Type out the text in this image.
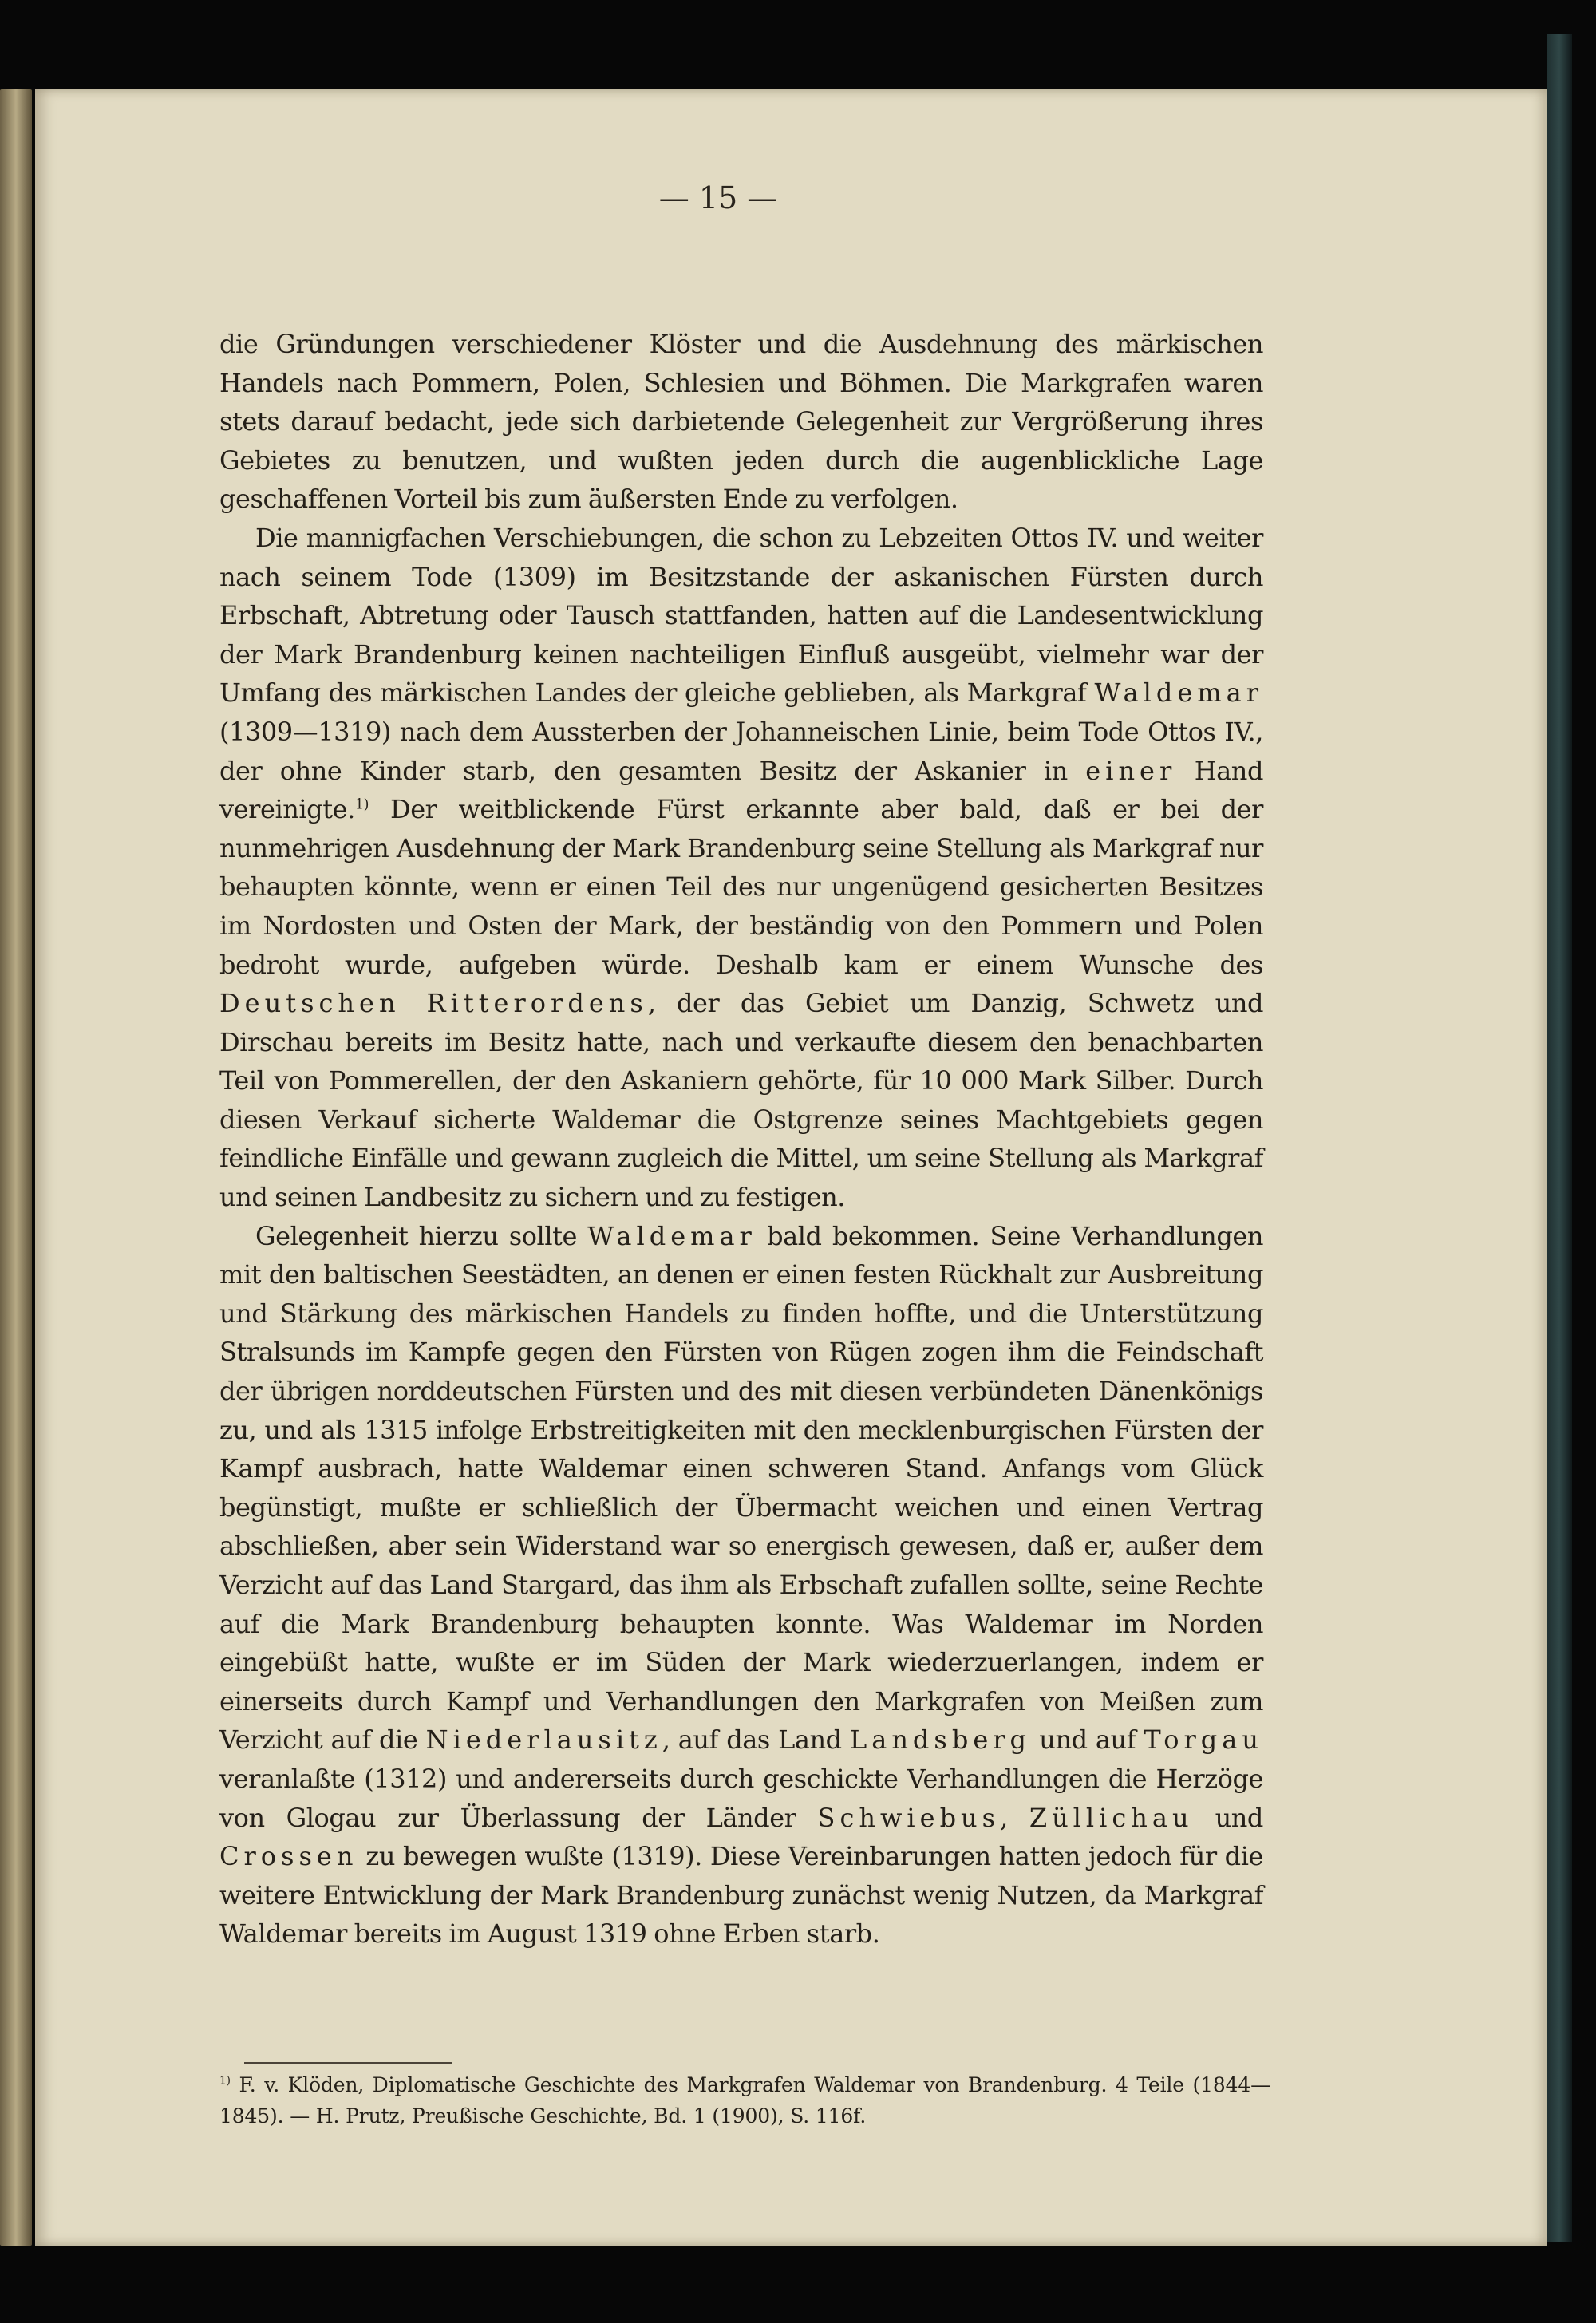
— 15 —

die Gründungen verschiedener Klöster und die Ausdehnung des märkischen Handels nach Pommern, Polen, Schlesien und Böhmen. Die Markgrafen waren stets darauf bedacht, jede sich darbietende Gelegenheit zur Vergrößerung ihres Gebietes zu benutzen, und wußten jeden durch die augenblickliche Lage geschaffenen Vorteil bis zum äußersten Ende zu verfolgen.

Die mannigfachen Verschiebungen, die schon zu Lebzeiten Ottos IV. und weiter nach seinem Tode (1309) im Besitzstande der askanischen Fürsten durch Erbschaft, Abtretung oder Tausch stattfanden, hatten auf die Landesentwicklung der Mark Brandenburg keinen nachteiligen Einfluß ausgeübt, vielmehr war der Umfang des märkischen Landes der gleiche geblieben, als Markgraf Waldemar (1309—1319) nach dem Aussterben der Johanneischen Linie, beim Tode Ottos IV., der ohne Kinder starb, den gesamten Besitz der Askanier in einer Hand vereinigte.$^{1)}$ Der weitblickende Fürst erkannte aber bald, daß er bei der nunmehrigen Ausdehnung der Mark Brandenburg seine Stellung als Markgraf nur behaupten könnte, wenn er einen Teil des nur ungenügend gesicherten Besitzes im Nordosten und Osten der Mark, der beständig von den Pommern und Polen bedroht wurde, aufgeben würde. Deshalb kam er einem Wunsche des Deutschen Ritterordens, der das Gebiet um Danzig, Schwetz und Dirschau bereits im Besitz hatte, nach und verkaufte diesem den benachbarten Teil von Pommerellen, der den Askaniern gehörte, für 10 000 Mark Silber. Durch diesen Verkauf sicherte Waldemar die Ostgrenze seines Machtgebiets gegen feindliche Einfälle und gewann zugleich die Mittel, um seine Stellung als Markgraf und seinen Landbesitz zu sichern und zu festigen.

Gelegenheit hierzu sollte Waldemar bald bekommen. Seine Verhandlungen mit den baltischen Seestädten, an denen er einen festen Rückhalt zur Ausbreitung und Stärkung des märkischen Handels zu finden hoffte, und die Unterstützung Stralsunds im Kampfe gegen den Fürsten von Rügen zogen ihm die Feindschaft der übrigen norddeutschen Fürsten und des mit diesen verbündeten Dänenkönigs zu, und als 1315 infolge Erbstreitigkeiten mit den mecklenburgischen Fürsten der Kampf ausbrach, hatte Waldemar einen schweren Stand. Anfangs vom Glück begünstigt, mußte er schließlich der Übermacht weichen und einen Vertrag abschließen, aber sein Widerstand war so energisch gewesen, daß er, außer dem Verzicht auf das Land Stargard, das ihm als Erbschaft zufallen sollte, seine Rechte auf die Mark Brandenburg behaupten konnte. Was Waldemar im Norden eingebüßt hatte, wußte er im Süden der Mark wiederzuerlangen, indem er einerseits durch Kampf und Verhandlungen den Markgrafen von Meißen zum Verzicht auf die Niederlausitz, auf das Land Landsberg und auf Torgau veranlaßte (1312) und andererseits durch geschickte Verhandlungen die Herzöge von Glogau zur Überlassung der Länder Schwiebus, Züllichau und Crossen zu bewegen wußte (1319). Diese Vereinbarungen hatten jedoch für die weitere Entwicklung der Mark Brandenburg zunächst wenig Nutzen, da Markgraf Waldemar bereits im August 1319 ohne Erben starb.

$^{1)}$ F. v. Klöden, Diplomatische Geschichte des Markgrafen Waldemar von Brandenburg. 4 Teile (1844—1845). — H. Prutz, Preußische Geschichte, Bd. 1 (1900), S. 116f.
